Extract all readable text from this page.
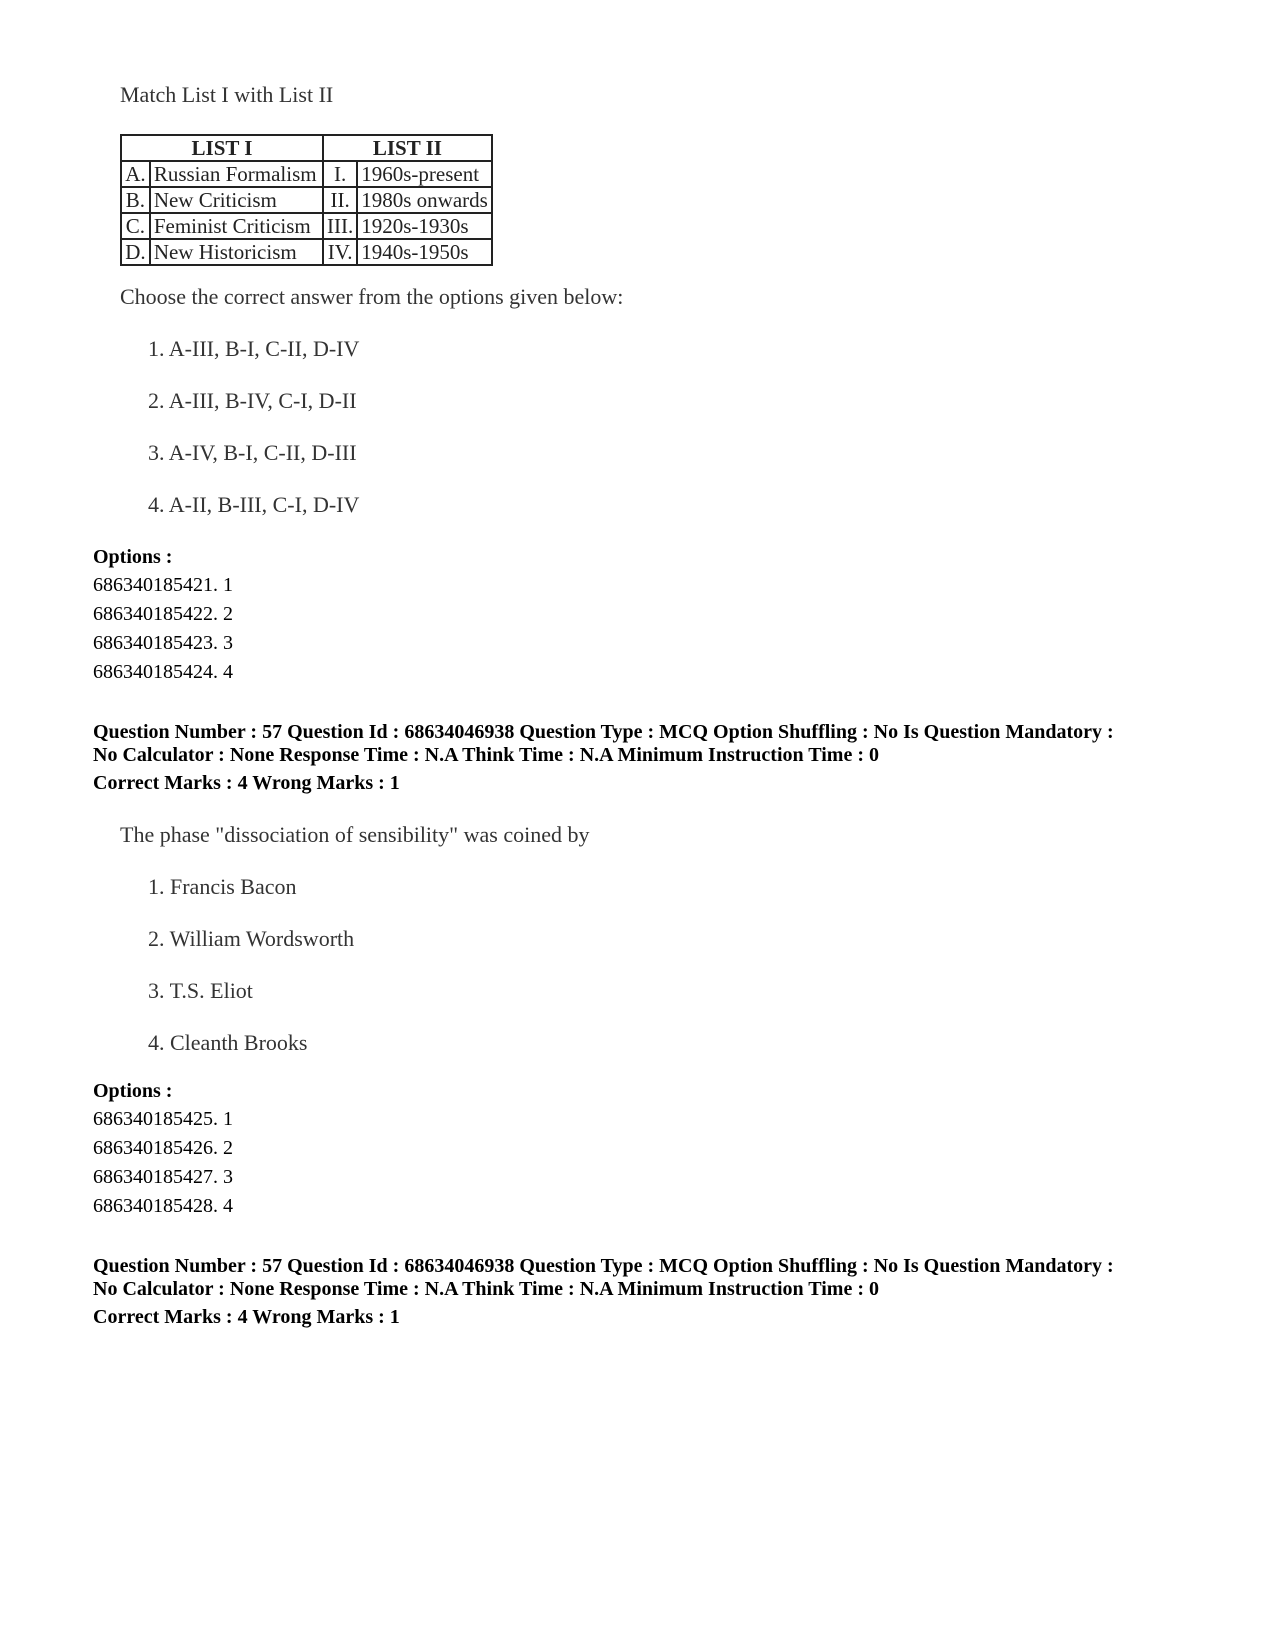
Match List I with List II
LIST I		LIST II	
A.	Russian Formalism	I.	1960s-present
B.	New Criticism	II.	1980s onwards
C.	Feminist Criticism	III.	1920s-1930s
D.	New Historicism	IV.	1940s-1950s
Choose the correct answer from the options given below:
1. A-III, B-I, C-II, D-IV
2. A-III, B-IV, C-I, D-II
3. A-IV, B-I, C-II, D-III
4. A-II, B-III, C-I, D-IV

Options :

686340185421. 1
686340185422. 2
686340185423. 3
686340185424. 4

Question Number : 57 Question Id : 68634046938 Question Type : MCQ Option Shuffling : No Is Question Mandatory :
No Calculator : None Response Time : N.A Think Time : N.A Minimum Instruction Time : 0

Correct Marks : 4 Wrong Marks : 1

The phase "dissociation of sensibility" was coined by
1. Francis Bacon
2. William Wordsworth
3. T.S. Eliot
4. Cleanth Brooks

Options :

686340185425. 1
686340185426. 2
686340185427. 3
686340185428. 4

Question Number : 57 Question Id : 68634046938 Question Type : MCQ Option Shuffling : No Is Question Mandatory :
No Calculator : None Response Time : N.A Think Time : N.A Minimum Instruction Time : 0

Correct Marks : 4 Wrong Marks : 1
